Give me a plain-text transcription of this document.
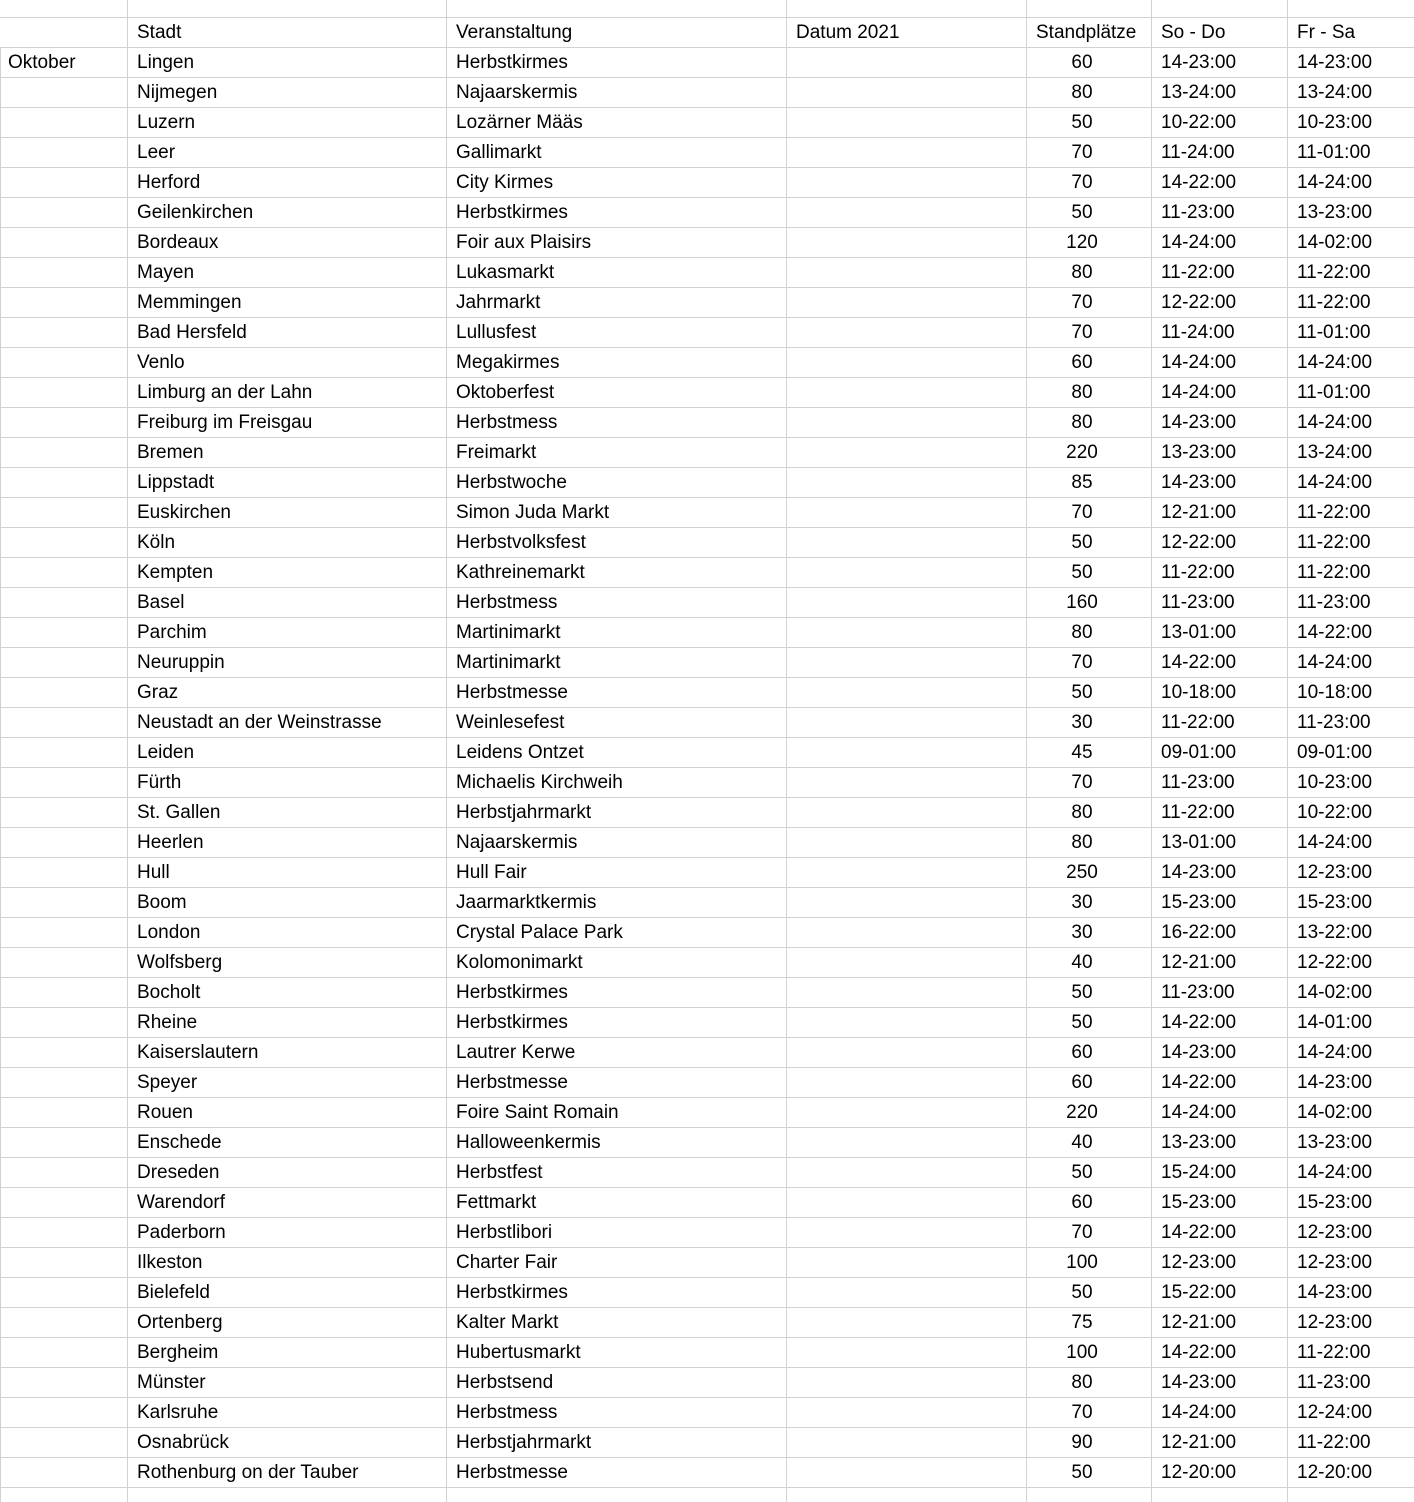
Stadt	Veranstaltung	Datum 2021	Standplätze	So - Do	Fr - Sa
Oktober	Lingen	Herbstkirmes	60	14-23:00	14-23:00
Nijmegen	Najaarskermis	80	13-24:00	13-24:00
Luzern	Lozärner Määs	50	10-22:00	10-23:00
Leer	Gallimarkt	70	11-24:00	11-01:00
Herford	City Kirmes	70	14-22:00	14-24:00
Geilenkirchen	Herbstkirmes	50	11-23:00	13-23:00
Bordeaux	Foir aux Plaisirs	120	14-24:00	14-02:00
Mayen	Lukasmarkt	80	11-22:00	11-22:00
Memmingen	Jahrmarkt	70	12-22:00	11-22:00
Bad Hersfeld	Lullusfest	70	11-24:00	11-01:00
Venlo	Megakirmes	60	14-24:00	14-24:00
Limburg an der Lahn	Oktoberfest	80	14-24:00	11-01:00
Freiburg im Freisgau	Herbstmess	80	14-23:00	14-24:00
Bremen	Freimarkt	220	13-23:00	13-24:00
Lippstadt	Herbstwoche	85	14-23:00	14-24:00
Euskirchen	Simon Juda Markt	70	12-21:00	11-22:00
Köln	Herbstvolksfest	50	12-22:00	11-22:00
Kempten	Kathreinemarkt	50	11-22:00	11-22:00
Basel	Herbstmess	160	11-23:00	11-23:00
Parchim	Martinimarkt	80	13-01:00	14-22:00
Neuruppin	Martinimarkt	70	14-22:00	14-24:00
Graz	Herbstmesse	50	10-18:00	10-18:00
Neustadt an der Weinstrasse	Weinlesefest	30	11-22:00	11-23:00
Leiden	Leidens Ontzet	45	09-01:00	09-01:00
Fürth	Michaelis Kirchweih	70	11-23:00	10-23:00
St. Gallen	Herbstjahrmarkt	80	11-22:00	10-22:00
Heerlen	Najaarskermis	80	13-01:00	14-24:00
Hull	Hull Fair	250	14-23:00	12-23:00
Boom	Jaarmarktkermis	30	15-23:00	15-23:00
London	Crystal Palace Park	30	16-22:00	13-22:00
Wolfsberg	Kolomonimarkt	40	12-21:00	12-22:00
Bocholt	Herbstkirmes	50	11-23:00	14-02:00
Rheine	Herbstkirmes	50	14-22:00	14-01:00
Kaiserslautern	Lautrer Kerwe	60	14-23:00	14-24:00
Speyer	Herbstmesse	60	14-22:00	14-23:00
Rouen	Foire Saint Romain	220	14-24:00	14-02:00
Enschede	Halloweenkermis	40	13-23:00	13-23:00
Dreseden	Herbstfest	50	15-24:00	14-24:00
Warendorf	Fettmarkt	60	15-23:00	15-23:00
Paderborn	Herbstlibori	70	14-22:00	12-23:00
Ilkeston	Charter Fair	100	12-23:00	12-23:00
Bielefeld	Herbstkirmes	50	15-22:00	14-23:00
Ortenberg	Kalter Markt	75	12-21:00	12-23:00
Bergheim	Hubertusmarkt	100	14-22:00	11-22:00
Münster	Herbstsend	80	14-23:00	11-23:00
Karlsruhe	Herbstmess	70	14-24:00	12-24:00
Osnabrück	Herbstjahrmarkt	90	12-21:00	11-22:00
Rothenburg on der Tauber	Herbstmesse	50	12-20:00	12-20:00
